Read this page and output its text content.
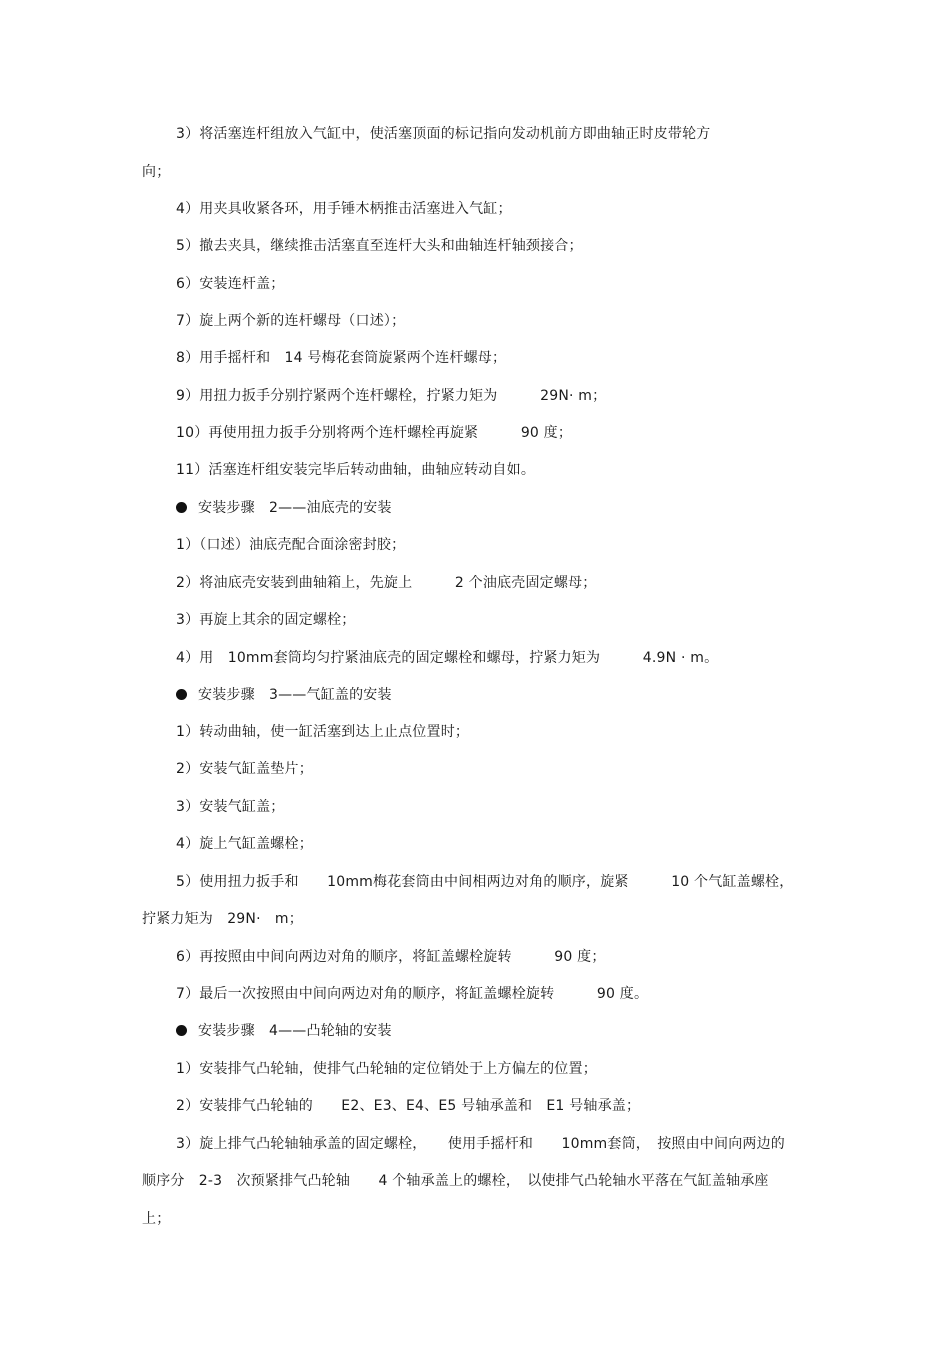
3）将活塞连杆组放入气缸中，使活塞顶面的标记指向发动机前方即曲轴正时皮带轮方
向；
4）用夹具收紧各环，用手锤木柄推击活塞进入气缸；
5）撤去夹具，继续推击活塞直至连杆大头和曲轴连杆轴颈接合；
6）安装连杆盖；
7）旋上两个新的连杆螺母（口述）；
8）用手摇杆和　14 号梅花套筒旋紧两个连杆螺母；
9）用扭力扳手分别拧紧两个连杆螺栓，拧紧力矩为　　　29N· m；
10）再使用扭力扳手分别将两个连杆螺栓再旋紧　　　90 度；
11）活塞连杆组安装完毕后转动曲轴，曲轴应转动自如。
安装步骤　2——油底壳的安装
1）（口述）油底壳配合面涂密封胶；
2）将油底壳安装到曲轴箱上，先旋上　　　2 个油底壳固定螺母；
3）再旋上其余的固定螺栓；
4）用　10mm套筒均匀拧紧油底壳的固定螺栓和螺母，拧紧力矩为　　　4.9N · m。
安装步骤　3——气缸盖的安装
1）转动曲轴，使一缸活塞到达上止点位置时；
2）安装气缸盖垫片；
3）安装气缸盖；
4）旋上气缸盖螺栓；
5）使用扭力扳手和　　10mm梅花套筒由中间相两边对角的顺序，旋紧　　　10 个气缸盖螺栓，
拧紧力矩为　29N·　m；
6）再按照由中间向两边对角的顺序，将缸盖螺栓旋转　　　90 度；
7）最后一次按照由中间向两边对角的顺序，将缸盖螺栓旋转　　　90 度。
安装步骤　4——凸轮轴的安装
1）安装排气凸轮轴，使排气凸轮轴的定位销处于上方偏左的位置；
2）安装排气凸轮轴的　　E2、E3、E4、E5 号轴承盖和　E1 号轴承盖；
3）旋上排气凸轮轴轴承盖的固定螺栓，　　使用手摇杆和　　10mm套筒，　按照由中间向两边的
顺序分　2-3　次预紧排气凸轮轴　　4 个轴承盖上的螺栓，　以使排气凸轮轴水平落在气缸盖轴承座
上；
